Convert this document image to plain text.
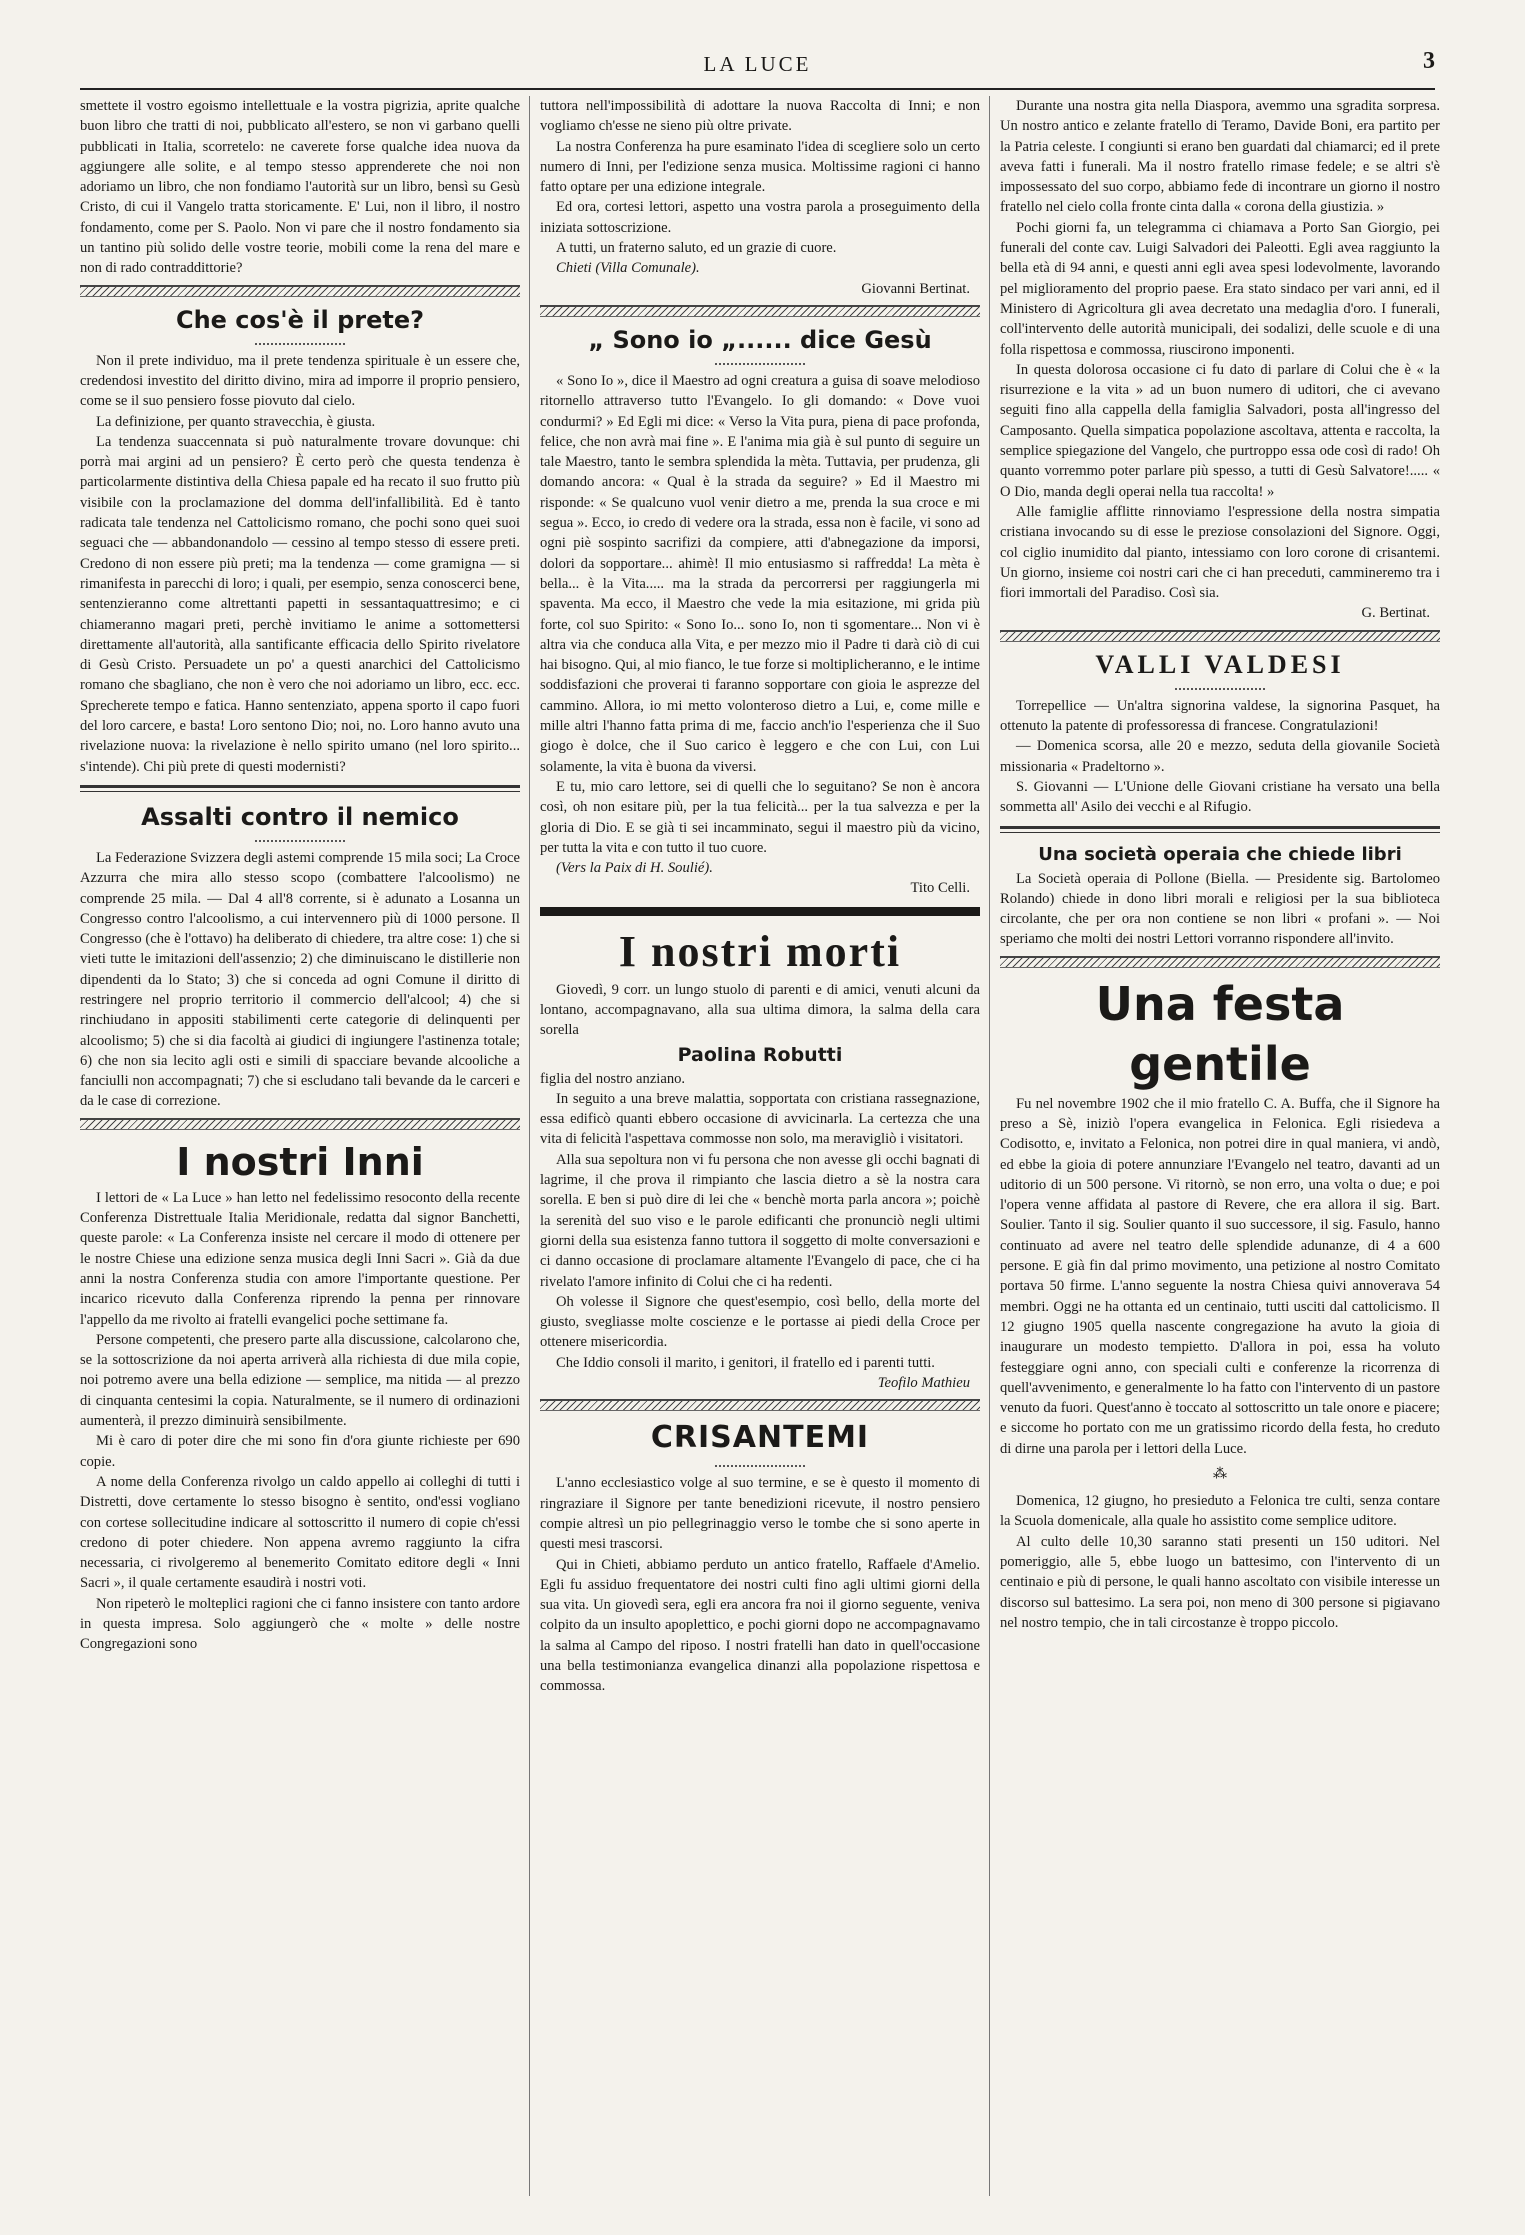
LA LUCE	3

smettete il vostro egoismo intellettuale e la vostra pigrizia, aprite qualche buon libro che tratti di noi, pubblicato all'estero, se non vi garbano quelli pubblicati in Italia, scorretelo: ne caverete forse qualche idea nuova da aggiungere alle solite, e al tempo stesso apprenderete che noi non adoriamo un libro, che non fondiamo l'autorità sur un libro, bensì su Gesù Cristo, di cui il Vangelo tratta storicamente. E' Lui, non il libro, il nostro fondamento, come per S. Paolo. Non vi pare che il nostro fondamento sia un tantino più solido delle vostre teorie, mobili come la rena del mare e non di rado contraddittorie?

Che cos'è il prete?

Non il prete individuo, ma il prete tendenza spirituale è un essere che, credendosi investito del diritto divino, mira ad imporre il proprio pensiero, come se il suo pensiero fosse piovuto dal cielo.

La definizione, per quanto stravecchia, è giusta.

La tendenza suaccennata si può naturalmente trovare dovunque: chi porrà mai argini ad un pensiero? È certo però che questa tendenza è particolarmente distintiva della Chiesa papale ed ha recato il suo frutto più visibile con la proclamazione del domma dell'infallibilità. Ed è tanto radicata tale tendenza nel Cattolicismo romano, che pochi sono quei suoi seguaci che — abbandonandolo — cessino al tempo stesso di essere preti. Credono di non essere più preti; ma la tendenza — come gramigna — si rimanifesta in parecchi di loro; i quali, per esempio, senza conoscerci bene, sentenzieranno come altrettanti papetti in sessantaquattresimo; e ci chiameranno magari preti, perchè invitiamo le anime a sottomettersi direttamente all'autorità, alla santificante efficacia dello Spirito rivelatore di Gesù Cristo. Persuadete un po' a questi anarchici del Cattolicismo romano che sbagliano, che non è vero che noi adoriamo un libro, ecc. ecc. Sprecherete tempo e fatica. Hanno sentenziato, appena sporto il capo fuori del loro carcere, e basta! Loro sentono Dio; noi, no. Loro hanno avuto una rivelazione nuova: la rivelazione è nello spirito umano (nel loro spirito... s'intende). Chi più prete di questi modernisti?

Assalti contro il nemico

La Federazione Svizzera degli astemi comprende 15 mila soci; La Croce Azzurra che mira allo stesso scopo (combattere l'alcoolismo) ne comprende 25 mila. — Dal 4 all'8 corrente, si è adunato a Losanna un Congresso contro l'alcoolismo, a cui intervennero più di 1000 persone. Il Congresso (che è l'ottavo) ha deliberato di chiedere, tra altre cose: 1) che si vieti tutte le imitazioni dell'assenzio; 2) che diminuiscano le distillerie non dipendenti da lo Stato; 3) che si conceda ad ogni Comune il diritto di restringere nel proprio territorio il commercio dell'alcool; 4) che si rinchiudano in appositi stabilimenti certe categorie di delinquenti per alcoolismo; 5) che si dia facoltà ai giudici di ingiungere l'astinenza totale; 6) che non sia lecito agli osti e simili di spacciare bevande alcooliche a fanciulli non accompagnati; 7) che si escludano tali bevande da le carceri e da le case di correzione.

I nostri Inni

I lettori de « La Luce » han letto nel fedelissimo resoconto della recente Conferenza Distrettuale Italia Meridionale, redatta dal signor Banchetti, queste parole: « La Conferenza insiste nel cercare il modo di ottenere per le nostre Chiese una edizione senza musica degli Inni Sacri ». Già da due anni la nostra Conferenza studia con amore l'importante questione. Per incarico ricevuto dalla Conferenza riprendo la penna per rinnovare l'appello da me rivolto ai fratelli evangelici poche settimane fa.

Persone competenti, che presero parte alla discussione, calcolarono che, se la sottoscrizione da noi aperta arriverà alla richiesta di due mila copie, noi potremo avere una bella edizione — semplice, ma nitida — al prezzo di cinquanta centesimi la copia. Naturalmente, se il numero di ordinazioni aumenterà, il prezzo diminuirà sensibilmente.

Mi è caro di poter dire che mi sono fin d'ora giunte richieste per 690 copie.

A nome della Conferenza rivolgo un caldo appello ai colleghi di tutti i Distretti, dove certamente lo stesso bisogno è sentito, ond'essi vogliano con cortese sollecitudine indicare al sottoscritto il numero di copie ch'essi credono di poter chiedere. Non appena avremo raggiunto la cifra necessaria, ci rivolgeremo al benemerito Comitato editore degli « Inni Sacri », il quale certamente esaudirà i nostri voti.

Non ripeterò le molteplici ragioni che ci fanno insistere con tanto ardore in questa impresa. Solo aggiungerò che « molte » delle nostre Congregazioni sono

tuttora nell'impossibilità di adottare la nuova Raccolta di Inni; e non vogliamo ch'esse ne sieno più oltre private.

La nostra Conferenza ha pure esaminato l'idea di scegliere solo un certo numero di Inni, per l'edizione senza musica. Moltissime ragioni ci hanno fatto optare per una edizione integrale.

Ed ora, cortesi lettori, aspetto una vostra parola a proseguimento della iniziata sottoscrizione.

A tutti, un fraterno saluto, ed un grazie di cuore.

Chieti (Villa Comunale).

Giovanni Bertinat.

„ Sono io „...... dice Gesù

« Sono Io », dice il Maestro ad ogni creatura a guisa di soave melodioso ritornello attraverso tutto l'Evangelo. Io gli domando: « Dove vuoi condurmi? » Ed Egli mi dice: « Verso la Vita pura, piena di pace profonda, felice, che non avrà mai fine ». E l'anima mia già è sul punto di seguire un tale Maestro, tanto le sembra splendida la mèta. Tuttavia, per prudenza, gli domando ancora: « Qual è la strada da seguire? » Ed il Maestro mi risponde: « Se qualcuno vuol venir dietro a me, prenda la sua croce e mi segua ». Ecco, io credo di vedere ora la strada, essa non è facile, vi sono ad ogni piè sospinto sacrifizi da compiere, atti d'abnegazione da imporsi, dolori da sopportare... ahimè! Il mio entusiasmo si raffredda! La mèta è bella... è la Vita..... ma la strada da percorrersi per raggiungerla mi spaventa. Ma ecco, il Maestro che vede la mia esitazione, mi grida più forte, col suo Spirito: « Sono Io... sono Io, non ti sgomentare... Non vi è altra via che conduca alla Vita, e per mezzo mio il Padre ti darà ciò di cui hai bisogno. Qui, al mio fianco, le tue forze si moltiplicheranno, e le intime soddisfazioni che proverai ti faranno sopportare con gioia le asprezze del cammino. Allora, io mi metto volonteroso dietro a Lui, e, come mille e mille altri l'hanno fatta prima di me, faccio anch'io l'esperienza che il Suo giogo è dolce, che il Suo carico è leggero e che con Lui, con Lui solamente, la vita è buona da viversi.

E tu, mio caro lettore, sei di quelli che lo seguitano? Se non è ancora così, oh non esitare più, per la tua felicità... per la tua salvezza e per la gloria di Dio. E se già ti sei incamminato, segui il maestro più da vicino, per tutta la vita e con tutto il tuo cuore.

(Vers la Paix di H. Soulié).

Tito Celli.

I nostri morti

Giovedì, 9 corr. un lungo stuolo di parenti e di amici, venuti alcuni da lontano, accompagnavano, alla sua ultima dimora, la salma della cara sorella

Paolina Robutti

figlia del nostro anziano.

In seguito a una breve malattia, sopportata con cristiana rassegnazione, essa edificò quanti ebbero occasione di avvicinarla. La certezza che una vita di felicità l'aspettava commosse non solo, ma meravigliò i visitatori.

Alla sua sepoltura non vi fu persona che non avesse gli occhi bagnati di lagrime, il che prova il rimpianto che lascia dietro a sè la nostra cara sorella. E ben si può dire di lei che « benchè morta parla ancora »; poichè la serenità del suo viso e le parole edificanti che pronunciò negli ultimi giorni della sua esistenza fanno tuttora il soggetto di molte conversazioni e ci danno occasione di proclamare altamente l'Evangelo di pace, che ci ha rivelato l'amore infinito di Colui che ci ha redenti.

Oh volesse il Signore che quest'esempio, così bello, della morte del giusto, svegliasse molte coscienze e le portasse ai piedi della Croce per ottenere misericordia.

Che Iddio consoli il marito, i genitori, il fratello ed i parenti tutti.

Teofilo Mathieu

CRISANTEMI

L'anno ecclesiastico volge al suo termine, e se è questo il momento di ringraziare il Signore per tante benedizioni ricevute, il nostro pensiero compie altresì un pio pellegrinaggio verso le tombe che si sono aperte in questi mesi trascorsi.

Qui in Chieti, abbiamo perduto un antico fratello, Raffaele d'Amelio. Egli fu assiduo frequentatore dei nostri culti fino agli ultimi giorni della sua vita. Un giovedì sera, egli era ancora fra noi il giorno seguente, veniva colpito da un insulto apoplettico, e pochi giorni dopo ne accompagnavamo la salma al Campo del riposo. I nostri fratelli han dato in quell'occasione una bella testimonianza evangelica dinanzi alla popolazione rispettosa e commossa.

Durante una nostra gita nella Diaspora, avemmo una sgradita sorpresa. Un nostro antico e zelante fratello di Teramo, Davide Boni, era partito per la Patria celeste. I congiunti si erano ben guardati dal chiamarci; ed il prete aveva fatti i funerali. Ma il nostro fratello rimase fedele; e se altri s'è impossessato del suo corpo, abbiamo fede di incontrare un giorno il nostro fratello nel cielo colla fronte cinta dalla « corona della giustizia. »

Pochi giorni fa, un telegramma ci chiamava a Porto San Giorgio, pei funerali del conte cav. Luigi Salvadori dei Paleotti. Egli avea raggiunto la bella età di 94 anni, e questi anni egli avea spesi lodevolmente, lavorando pel miglioramento del proprio paese. Era stato sindaco per vari anni, ed il Ministero di Agricoltura gli avea decretato una medaglia d'oro. I funerali, coll'intervento delle autorità municipali, dei sodalizi, delle scuole e di una folla rispettosa e commossa, riuscirono imponenti.

In questa dolorosa occasione ci fu dato di parlare di Colui che è « la risurrezione e la vita » ad un buon numero di uditori, che ci avevano seguiti fino alla cappella della famiglia Salvadori, posta all'ingresso del Camposanto. Quella simpatica popolazione ascoltava, attenta e raccolta, la semplice spiegazione del Vangelo, che purtroppo essa ode così di rado! Oh quanto vorremmo poter parlare più spesso, a tutti di Gesù Salvatore!..... « O Dio, manda degli operai nella tua raccolta! »

Alle famiglie afflitte rinnoviamo l'espressione della nostra simpatia cristiana invocando su di esse le preziose consolazioni del Signore. Oggi, col ciglio inumidito dal pianto, intessiamo con loro corone di crisantemi. Un giorno, insieme coi nostri cari che ci han preceduti, cammineremo tra i fiori immortali del Paradiso. Così sia.

G. Bertinat.

VALLI VALDESI

Torrepellice — Un'altra signorina valdese, la signorina Pasquet, ha ottenuto la patente di professoressa di francese. Congratulazioni!

— Domenica scorsa, alle 20 e mezzo, seduta della giovanile Società missionaria « Pradeltorno ».

S. Giovanni — L'Unione delle Giovani cristiane ha versato una bella sommetta all' Asilo dei vecchi e al Rifugio.

Una società operaia che chiede libri

La Società operaia di Pollone (Biella. — Presidente sig. Bartolomeo Rolando) chiede in dono libri morali e religiosi per la sua biblioteca circolante, che per ora non contiene se non libri « profani ». — Noi speriamo che molti dei nostri Lettori vorranno rispondere all'invito.

Una festa gentile

Fu nel novembre 1902 che il mio fratello C. A. Buffa, che il Signore ha preso a Sè, iniziò l'opera evangelica in Felonica. Egli risiedeva a Codisotto, e, invitato a Felonica, non potrei dire in qual maniera, vi andò, ed ebbe la gioia di potere annunziare l'Evangelo nel teatro, davanti ad un uditorio di un 500 persone. Vi ritornò, se non erro, una volta o due; e poi l'opera venne affidata al pastore di Revere, che era allora il sig. Bart. Soulier. Tanto il sig. Soulier quanto il suo successore, il sig. Fasulo, hanno continuato ad avere nel teatro delle splendide adunanze, di 4 a 600 persone. E già fin dal primo movimento, una petizione al nostro Comitato portava 50 firme. L'anno seguente la nostra Chiesa quivi annoverava 54 membri. Oggi ne ha ottanta ed un centinaio, tutti usciti dal cattolicismo. Il 12 giugno 1905 quella nascente congregazione ha avuto la gioia di inaugurare un modesto tempietto. D'allora in poi, essa ha voluto festeggiare ogni anno, con speciali culti e conferenze la ricorrenza di quell'avvenimento, e generalmente lo ha fatto con l'intervento di un pastore venuto da fuori. Quest'anno è toccato al sottoscritto un tale onore e piacere; e siccome ho portato con me un gratissimo ricordo della festa, ho creduto di dirne una parola per i lettori della Luce.

⁂

Domenica, 12 giugno, ho presieduto a Felonica tre culti, senza contare la Scuola domenicale, alla quale ho assistito come semplice uditore.

Al culto delle 10,30 saranno stati presenti un 150 uditori. Nel pomeriggio, alle 5, ebbe luogo un battesimo, con l'intervento di un centinaio e più di persone, le quali hanno ascoltato con visibile interesse un discorso sul battesimo. La sera poi, non meno di 300 persone si pigiavano nel nostro tempio, che in tali circostanze è troppo piccolo.
